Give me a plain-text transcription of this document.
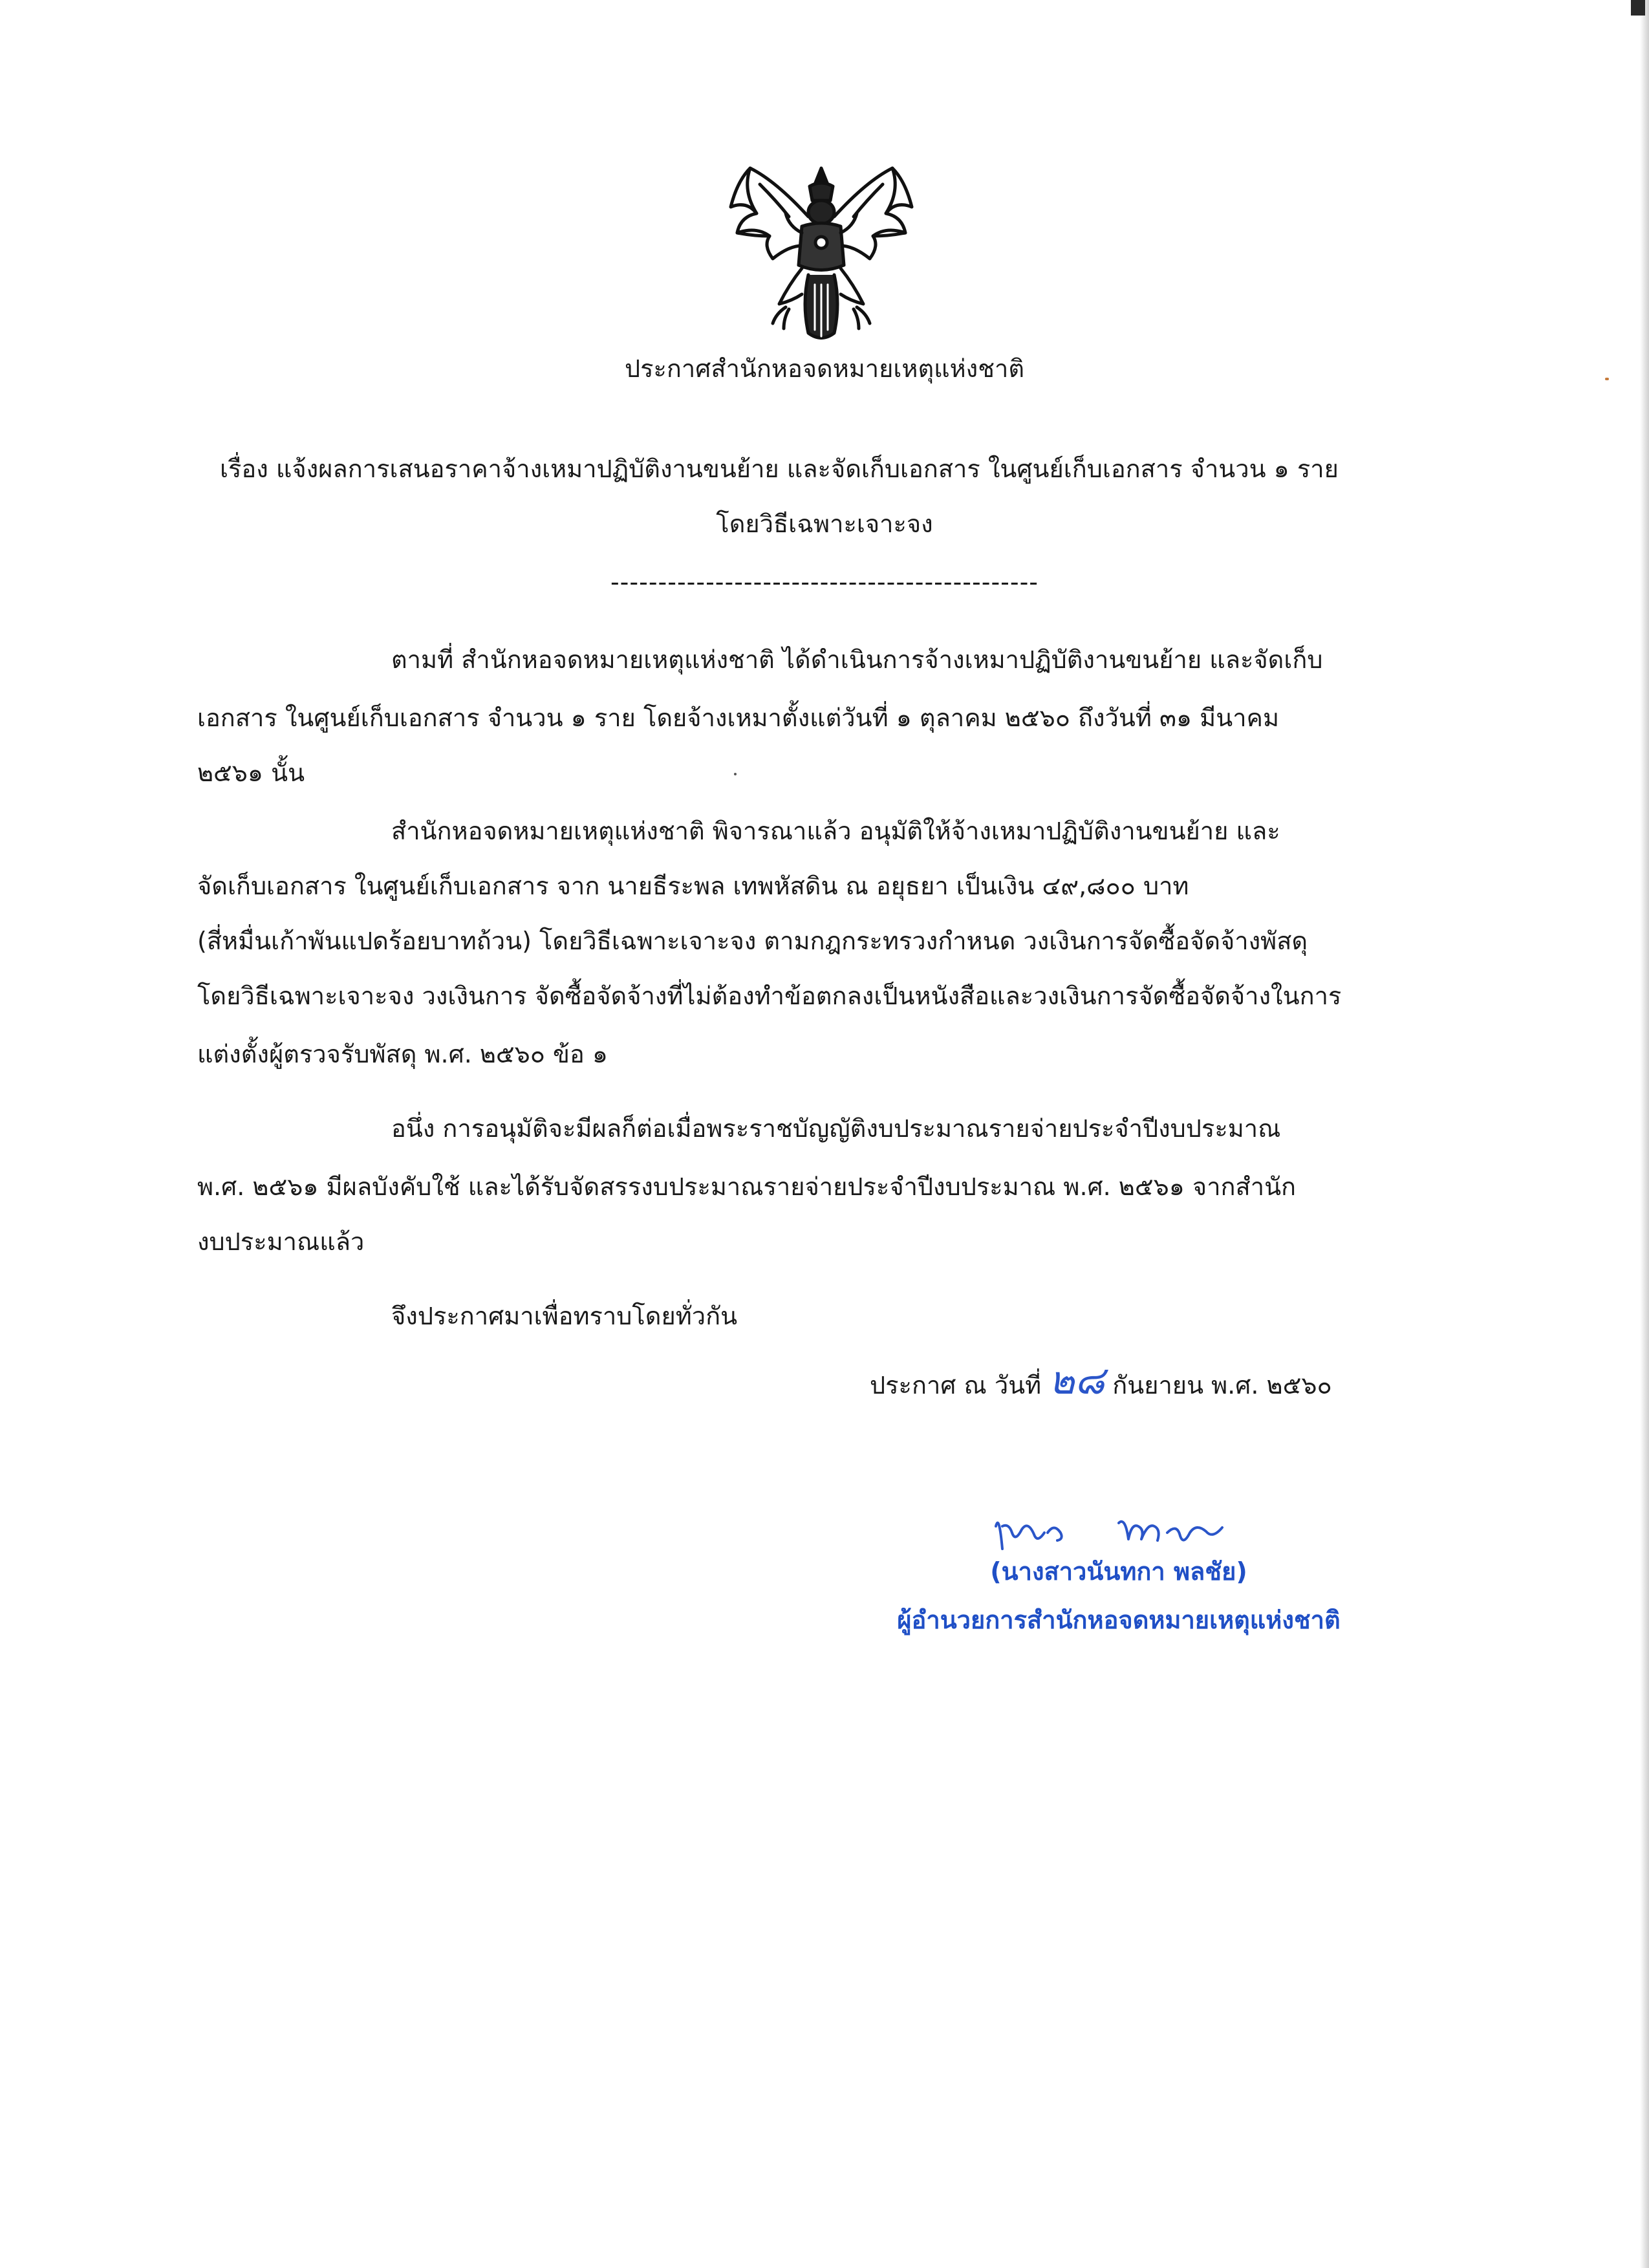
ประกาศสำนักหอจดหมายเหตุแห่งชาติ
เรื่อง แจ้งผลการเสนอราคาจ้างเหมาปฏิบัติงานขนย้าย และจัดเก็บเอกสาร ในศูนย์เก็บเอกสาร จำนวน ๑ ราย
โดยวิธีเฉพาะเจาะจง
---------------------------------------------
ตามที่ สำนักหอจดหมายเหตุแห่งชาติ ได้ดำเนินการจ้างเหมาปฏิบัติงานขนย้าย และจัดเก็บ
เอกสาร ในศูนย์เก็บเอกสาร จำนวน ๑ ราย โดยจ้างเหมาตั้งแต่วันที่ ๑ ตุลาคม ๒๕๖๐ ถึงวันที่ ๓๑ มีนาคม
๒๕๖๑ นั้น
สำนักหอจดหมายเหตุแห่งชาติ พิจารณาแล้ว อนุมัติให้จ้างเหมาปฏิบัติงานขนย้าย และ
จัดเก็บเอกสาร ในศูนย์เก็บเอกสาร จาก นายธีระพล เทพหัสดิน ณ อยุธยา เป็นเงิน ๔๙,๘๐๐ บาท
(สี่หมื่นเก้าพันแปดร้อยบาทถ้วน) โดยวิธีเฉพาะเจาะจง ตามกฎกระทรวงกำหนด วงเงินการจัดซื้อจัดจ้างพัสดุ
โดยวิธีเฉพาะเจาะจง วงเงินการ จัดซื้อจัดจ้างที่ไม่ต้องทำข้อตกลงเป็นหนังสือและวงเงินการจัดซื้อจัดจ้างในการ
แต่งตั้งผู้ตรวจรับพัสดุ พ.ศ. ๒๕๖๐ ข้อ ๑
อนึ่ง การอนุมัติจะมีผลก็ต่อเมื่อพระราชบัญญัติงบประมาณรายจ่ายประจำปีงบประมาณ
พ.ศ. ๒๕๖๑ มีผลบังคับใช้ และได้รับจัดสรรงบประมาณรายจ่ายประจำปีงบประมาณ พ.ศ. ๒๕๖๑ จากสำนัก
งบประมาณแล้ว
จึงประกาศมาเพื่อทราบโดยทั่วกัน
ประกาศ ณ วันที่ ๒๘ กันยายน พ.ศ. ๒๕๖๐
(นางสาวนันทกา พลชัย)
ผู้อำนวยการสำนักหอจดหมายเหตุแห่งชาติ
